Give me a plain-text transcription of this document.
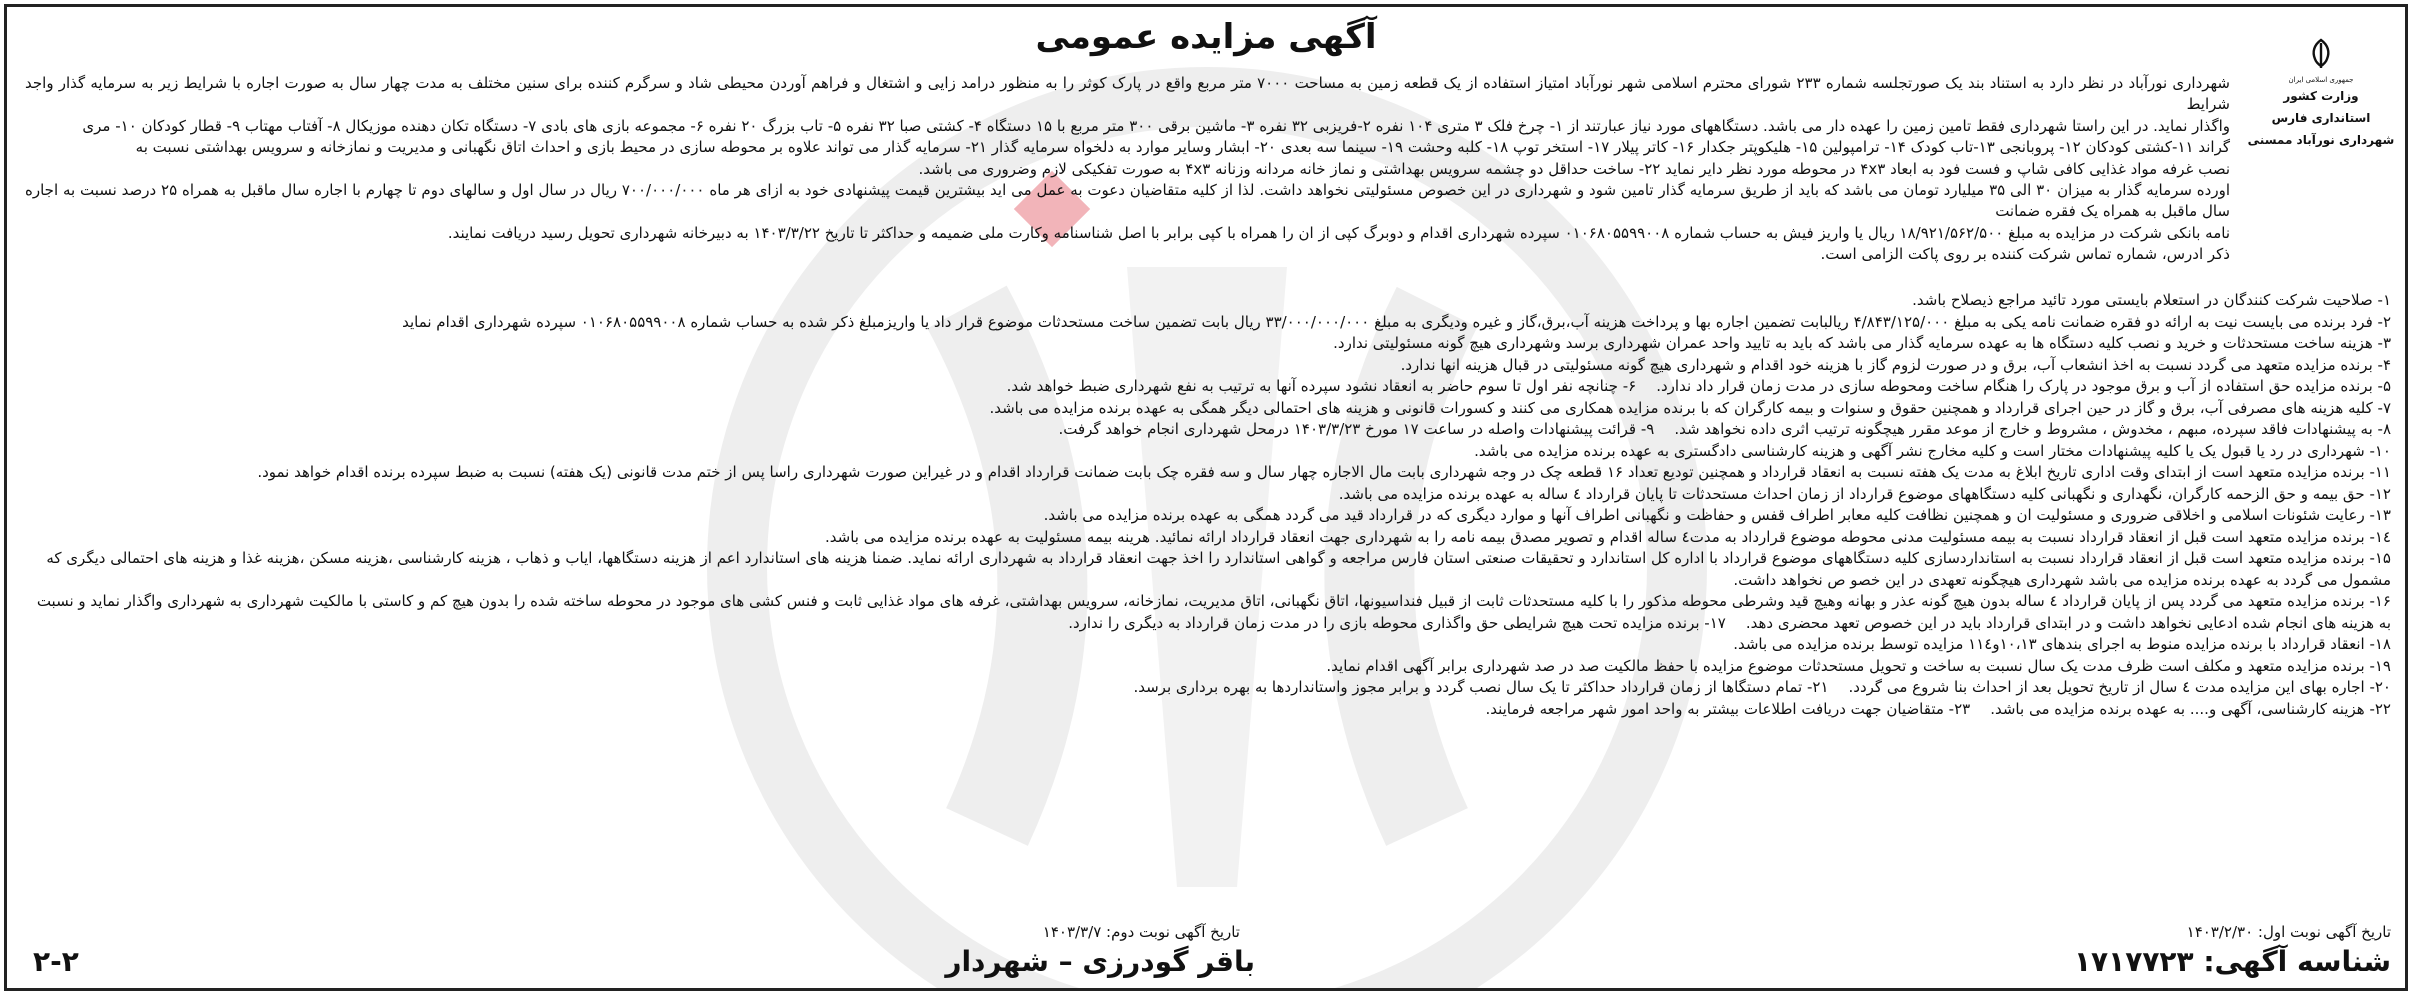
آگهی مزایده عمومی
جمهوری اسلامی ایران
وزارت کشور
استانداری فارس
شهرداری نورآباد ممسنی

شهرداری نورآباد در نظر دارد به استناد بند یک صورتجلسه شماره ۲۳۳ شورای محترم اسلامی شهر نورآباد امتیاز استفاده از یک قطعه زمین به مساحت ۷۰۰۰ متر مربع واقع در پارک کوثر را به منظور درامد زایی و اشتغال و فراهم آوردن محیطی شاد و سرگرم کننده برای سنین مختلف به مدت چهار سال به صورت اجاره با شرایط زیر به سرمایه گذار واجد شرایط

واگذار نماید. در این راستا شهرداری فقط تامین زمین را عهده دار می باشد. دستگاههای مورد نیاز عبارتند از ۱- چرخ فلک ۳ متری ۱۰۴ نفره ۲-فریزبی ۳۲ نفره ۳- ماشین برقی ۳۰۰ متر مربع با ۱۵ دستگاه ۴- کشتی صبا ۳۲ نفره ۵- تاب بزرگ ۲۰ نفره ۶- مجموعه بازی های بادی ۷- دستگاه تکان دهنده موزیکال ۸- آفتاب مهتاب ۹- قطار کودکان ۱۰- مری

گراند ۱۱-کشتی کودکان ۱۲- پروبانجی ۱۳-تاب کودک ۱۴- ترامپولین ۱۵- هلیکوپتر جکدار ۱۶- کاتر پیلار ۱۷- استخر توپ ۱۸- کلبه وحشت ۱۹- سینما سه بعدی ۲۰- ابشار وسایر موارد به دلخواه سرمایه گذار ۲۱- سرمایه گذار می تواند علاوه بر محوطه سازی در محیط بازی و احداث اتاق نگهبانی و مدیریت و نمازخانه و سرویس بهداشتی نسبت به

نصب غرفه مواد غذایی کافی شاپ و فست فود به ابعاد ۴x۳ در محوطه مورد نظر دایر نماید ۲۲- ساخت حداقل دو چشمه سرویس بهداشتی و نماز خانه مردانه وزنانه ۴x۳ به صورت تفکیکی لازم وضروری می باشد.

اورده سرمایه گذار به میزان ۳۰ الی ۳۵ میلیارد تومان می باشد که باید از طریق سرمایه گذار تامین شود و شهرداری در این خصوص مسئولیتی نخواهد داشت. لذا از کلیه متقاضیان دعوت به عمل می اید بیشترین قیمت پیشنهادی خود به ازای هر ماه ۷۰۰/۰۰۰/۰۰۰ ریال در سال اول و سالهای دوم تا چهارم با اجاره سال ماقبل به همراه ۲۵ درصد نسبت به اجاره سال ماقبل به همراه یک فقره ضمانت

نامه بانکی شرکت در مزایده به مبلغ ۱۸/۹۲۱/۵۶۲/۵۰۰ ریال یا واریز فیش به حساب شماره ۰۱۰۶۸۰۵۵۹۹۰۰۸ سپرده شهرداری اقدام و دوبرگ کپی از ان را همراه با کپی برابر با اصل شناسنامه وکارت ملی ضمیمه و حداکثر تا تاریخ ۱۴۰۳/۳/۲۲ به دبیرخانه شهرداری تحویل رسید دریافت نمایند.

ذکر ادرس، شماره تماس شرکت کننده بر روی پاکت الزامی است.

۱- صلاحیت شرکت کنندگان در استعلام بایستی مورد تائید مراجع ذیصلاح باشد.

۲- فرد برنده می بایست نیت به ارائه دو فقره ضمانت نامه یکی به مبلغ ۴/۸۴۳/۱۲۵/۰۰۰ ریالبابت تضمین اجاره بها و پرداخت هزینه آب،برق،گاز و غیره ودیگری به مبلغ ۳۳/۰۰۰/۰۰۰/۰۰۰ ریال بابت تضمین ساخت مستحدثات موضوع قرار داد یا واریزمبلغ ذکر شده به حساب شماره ۰۱۰۶۸۰۵۵۹۹۰۰۸ سپرده شهرداری اقدام نماید

۳- هزینه ساخت مستحدثات و خرید و نصب کلیه دستگاه ها به عهده سرمایه گذار می باشد که باید به تایید واحد عمران شهرداری برسد وشهرداری هیچ گونه مسئولیتی ندارد.

۴- برنده مزایده متعهد می گردد نسبت به اخذ انشعاب آب، برق و در صورت لزوم گاز با هزینه خود اقدام و شهرداری هیچ گونه مسئولیتی در قبال هزینه انها ندارد.

۵- برنده مزایده حق استفاده از آب و برق موجود در پارک را هنگام ساخت ومحوطه سازی در مدت زمان قرار داد ندارد.
۶- چنانچه نفر اول تا سوم حاضر به انعقاد نشود سپرده آنها به ترتیب به نفع شهرداری ضبط خواهد شد.
۷- کلیه هزینه های مصرفی آب، برق و گاز در حین اجرای قرارداد و همچنین حقوق و سنوات و بیمه کارگران که با برنده مزایده همکاری می کنند و کسورات قانونی و هزینه های احتمالی دیگر همگی به عهده برنده مزایده می باشد.
۸- به پیشنهادات فاقد سپرده، مبهم ، مخدوش ، مشروط و خارج از موعد مقرر هیچگونه ترتیب اثری داده نخواهد شد.
۹- قرائت پیشنهادات واصله در ساعت ۱۷ مورخ ۱۴۰۳/۳/۲۳ درمحل شهرداری انجام خواهد گرفت.

۱۰- شهرداری در رد یا قبول یک یا کلیه پیشنهادات مختار است و کلیه مخارج نشر آگهی و هزینه کارشناسی دادگستری به عهده برنده مزایده می باشد.

۱۱- برنده مزایده متعهد است از ابتدای وقت اداری تاریخ ابلاغ به مدت یک هفته نسبت به انعقاد قرارداد و همچنین تودیع تعداد ۱۶ قطعه چک در وجه شهرداری بابت مال الاجاره چهار سال و سه فقره چک بابت ضمانت قرارداد اقدام و در غیراین صورت شهرداری راسا پس از ختم مدت قانونی (یک هفته) نسبت به ضبط سپرده برنده اقدام خواهد نمود.

۱۲- حق بیمه و حق الزحمه کارگران، نگهداری و نگهبانی کلیه دستگاههای موضوع قرارداد از زمان احداث مستحدثات تا پایان قرارداد ٤ ساله به عهده برنده مزایده می باشد.

۱۳- رعایت شئونات اسلامی و اخلاقی ضروری و مسئولیت ان و همچنین نظافت کلیه معابر اطراف قفس و حفاظت و نگهبانی اطراف آنها و موارد دیگری که در قرارداد قید می گردد همگی به عهده برنده مزایده می باشد.

۱٤- برنده مزایده متعهد است قبل از انعقاد قرارداد نسبت به بیمه مسئولیت مدنی محوطه موضوع قرارداد به مدت٤ ساله اقدام و تصویر مصدق بیمه نامه را به شهرداری جهت انعقاد قرارداد ارائه نمائید. هرینه بیمه مسئولیت به عهده برنده مزایده می باشد.

۱۵- برنده مزایده متعهد است قبل از انعقاد قرارداد نسبت به استانداردسازی کلیه دستگاههای موضوع قرارداد با اداره کل استاندارد و تحقیقات صنعتی استان فارس مراجعه و گواهی استاندارد را اخذ جهت انعقاد قرارداد به شهرداری ارائه نماید. ضمنا هزینه های استاندارد اعم از هزینه دستگاهها، ایاب و ذهاب ، هزینه کارشناسی ،هزینه مسکن ،هزینه غذا و هزینه های احتمالی دیگری که

مشمول می گردد به عهده برنده مزایده می باشد شهرداری هیچگونه تعهدی در این خصو ص نخواهد داشت.

۱۶- برنده مزایده متعهد می گردد پس از پایان قرارداد ٤ ساله بدون هیچ گونه عذر و بهانه وهیچ قید وشرطی محوطه مذکور را با کلیه مستحدثات ثابت از قبیل فنداسیونها، اتاق نگهبانی، اتاق مدیریت، نمازخانه، سرویس بهداشتی، غرفه های مواد غذایی ثابت و فنس کشی های موجود در محوطه ساخته شده را بدون هیچ کم و کاستی با مالکیت شهرداری به شهرداری واگذار نماید و نسبت

به هزینه های انجام شده ادعایی نخواهد داشت و در ابتدای قرارداد باید در این خصوص تعهد محضری دهد.
۱۷- برنده مزایده تحت هیچ شرایطی حق واگذاری محوطه بازی را در مدت زمان قرارداد به دیگری را ندارد.
۱۸- انعقاد قرارداد با برنده مزایده منوط به اجرای بندهای ۱۰،۱۳و۱۱٤ مزایده توسط برنده مزایده می باشد.
۱۹- برنده مزایده متعهد و مکلف است ظرف مدت یک سال نسبت به ساخت و تحویل مستحدثات موضوع مزایده با حفظ مالکیت صد در صد شهرداری برابر آگهی اقدام نماید.
۲۰- اجاره بهای این مزایده مدت ٤ سال از تاریخ تحویل بعد از احداث بنا شروع می گردد.
۲۱- تمام دستگاها از زمان قرارداد حداکثر تا یک سال نصب گردد و برابر مجوز واستانداردها به بهره برداری برسد.
۲۲- هزینه کارشناسی، آگهی و.... به عهده برنده مزایده می باشد.
۲۳- متقاضیان جهت دریافت اطلاعات بیشتر به واحد امور شهر مراجعه فرمایند.
تاریخ آگهی نوبت اول: ۱۴۰۳/۲/۳۰
تاریخ آگهی نوبت دوم: ۱۴۰۳/۳/۷
شناسه آگهی: ۱۷۱۷۷۲۳
باقر گودرزی – شهردار
۲-۲
